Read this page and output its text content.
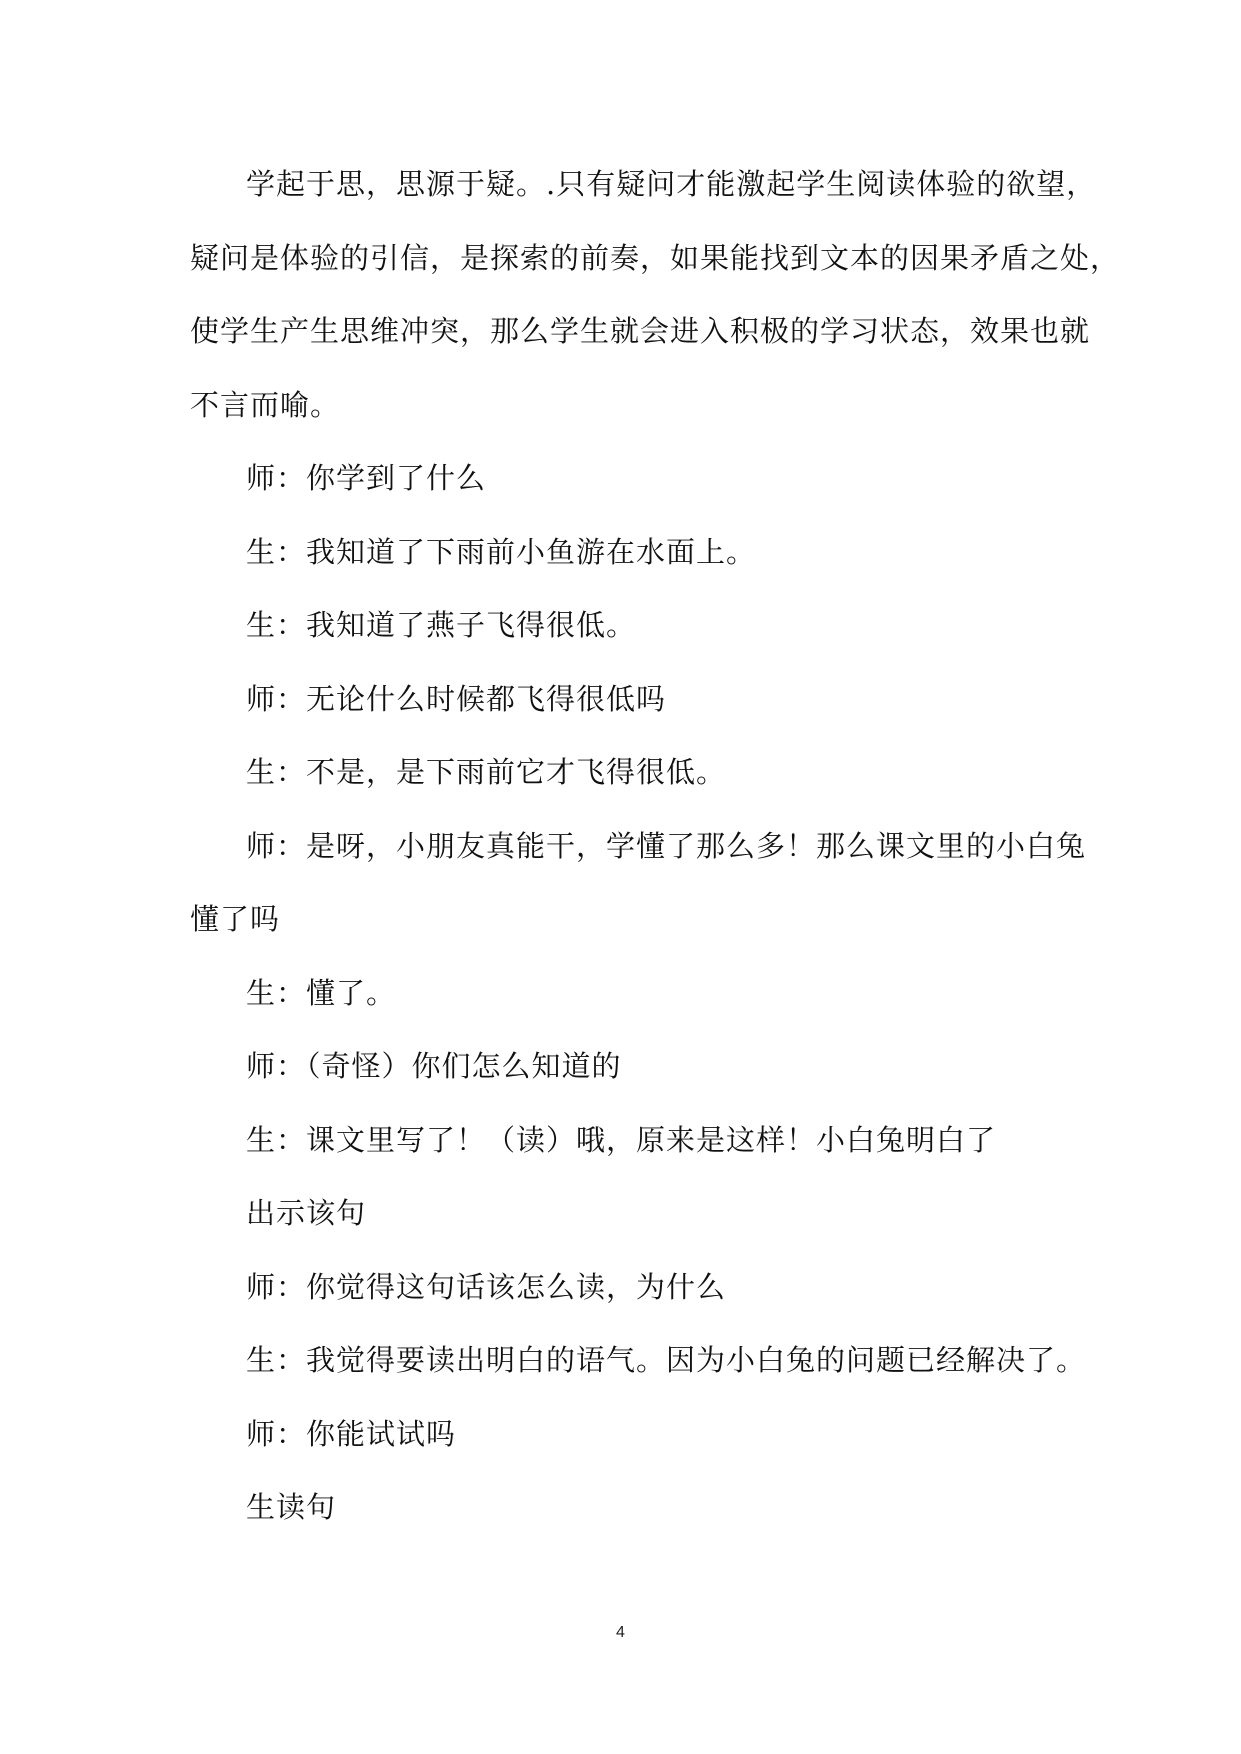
学起于思，思源于疑。.只有疑问才能激起学生阅读体验的欲望，
疑问是体验的引信，是探索的前奏，如果能找到文本的因果矛盾之处，
使学生产生思维冲突，那么学生就会进入积极的学习状态，效果也就
不言而喻。
师：你学到了什么
生：我知道了下雨前小鱼游在水面上。
生：我知道了燕子飞得很低。
师：无论什么时候都飞得很低吗
生：不是，是下雨前它才飞得很低。
师：是呀，小朋友真能干，学懂了那么多！那么课文里的小白兔
懂了吗
生：懂了。
师：（奇怪）你们怎么知道的
生：课文里写了！（读）哦，原来是这样！小白兔明白了
出示该句
师：你觉得这句话该怎么读，为什么
生：我觉得要读出明白的语气。因为小白兔的问题已经解决了。
师：你能试试吗
生读句
4
